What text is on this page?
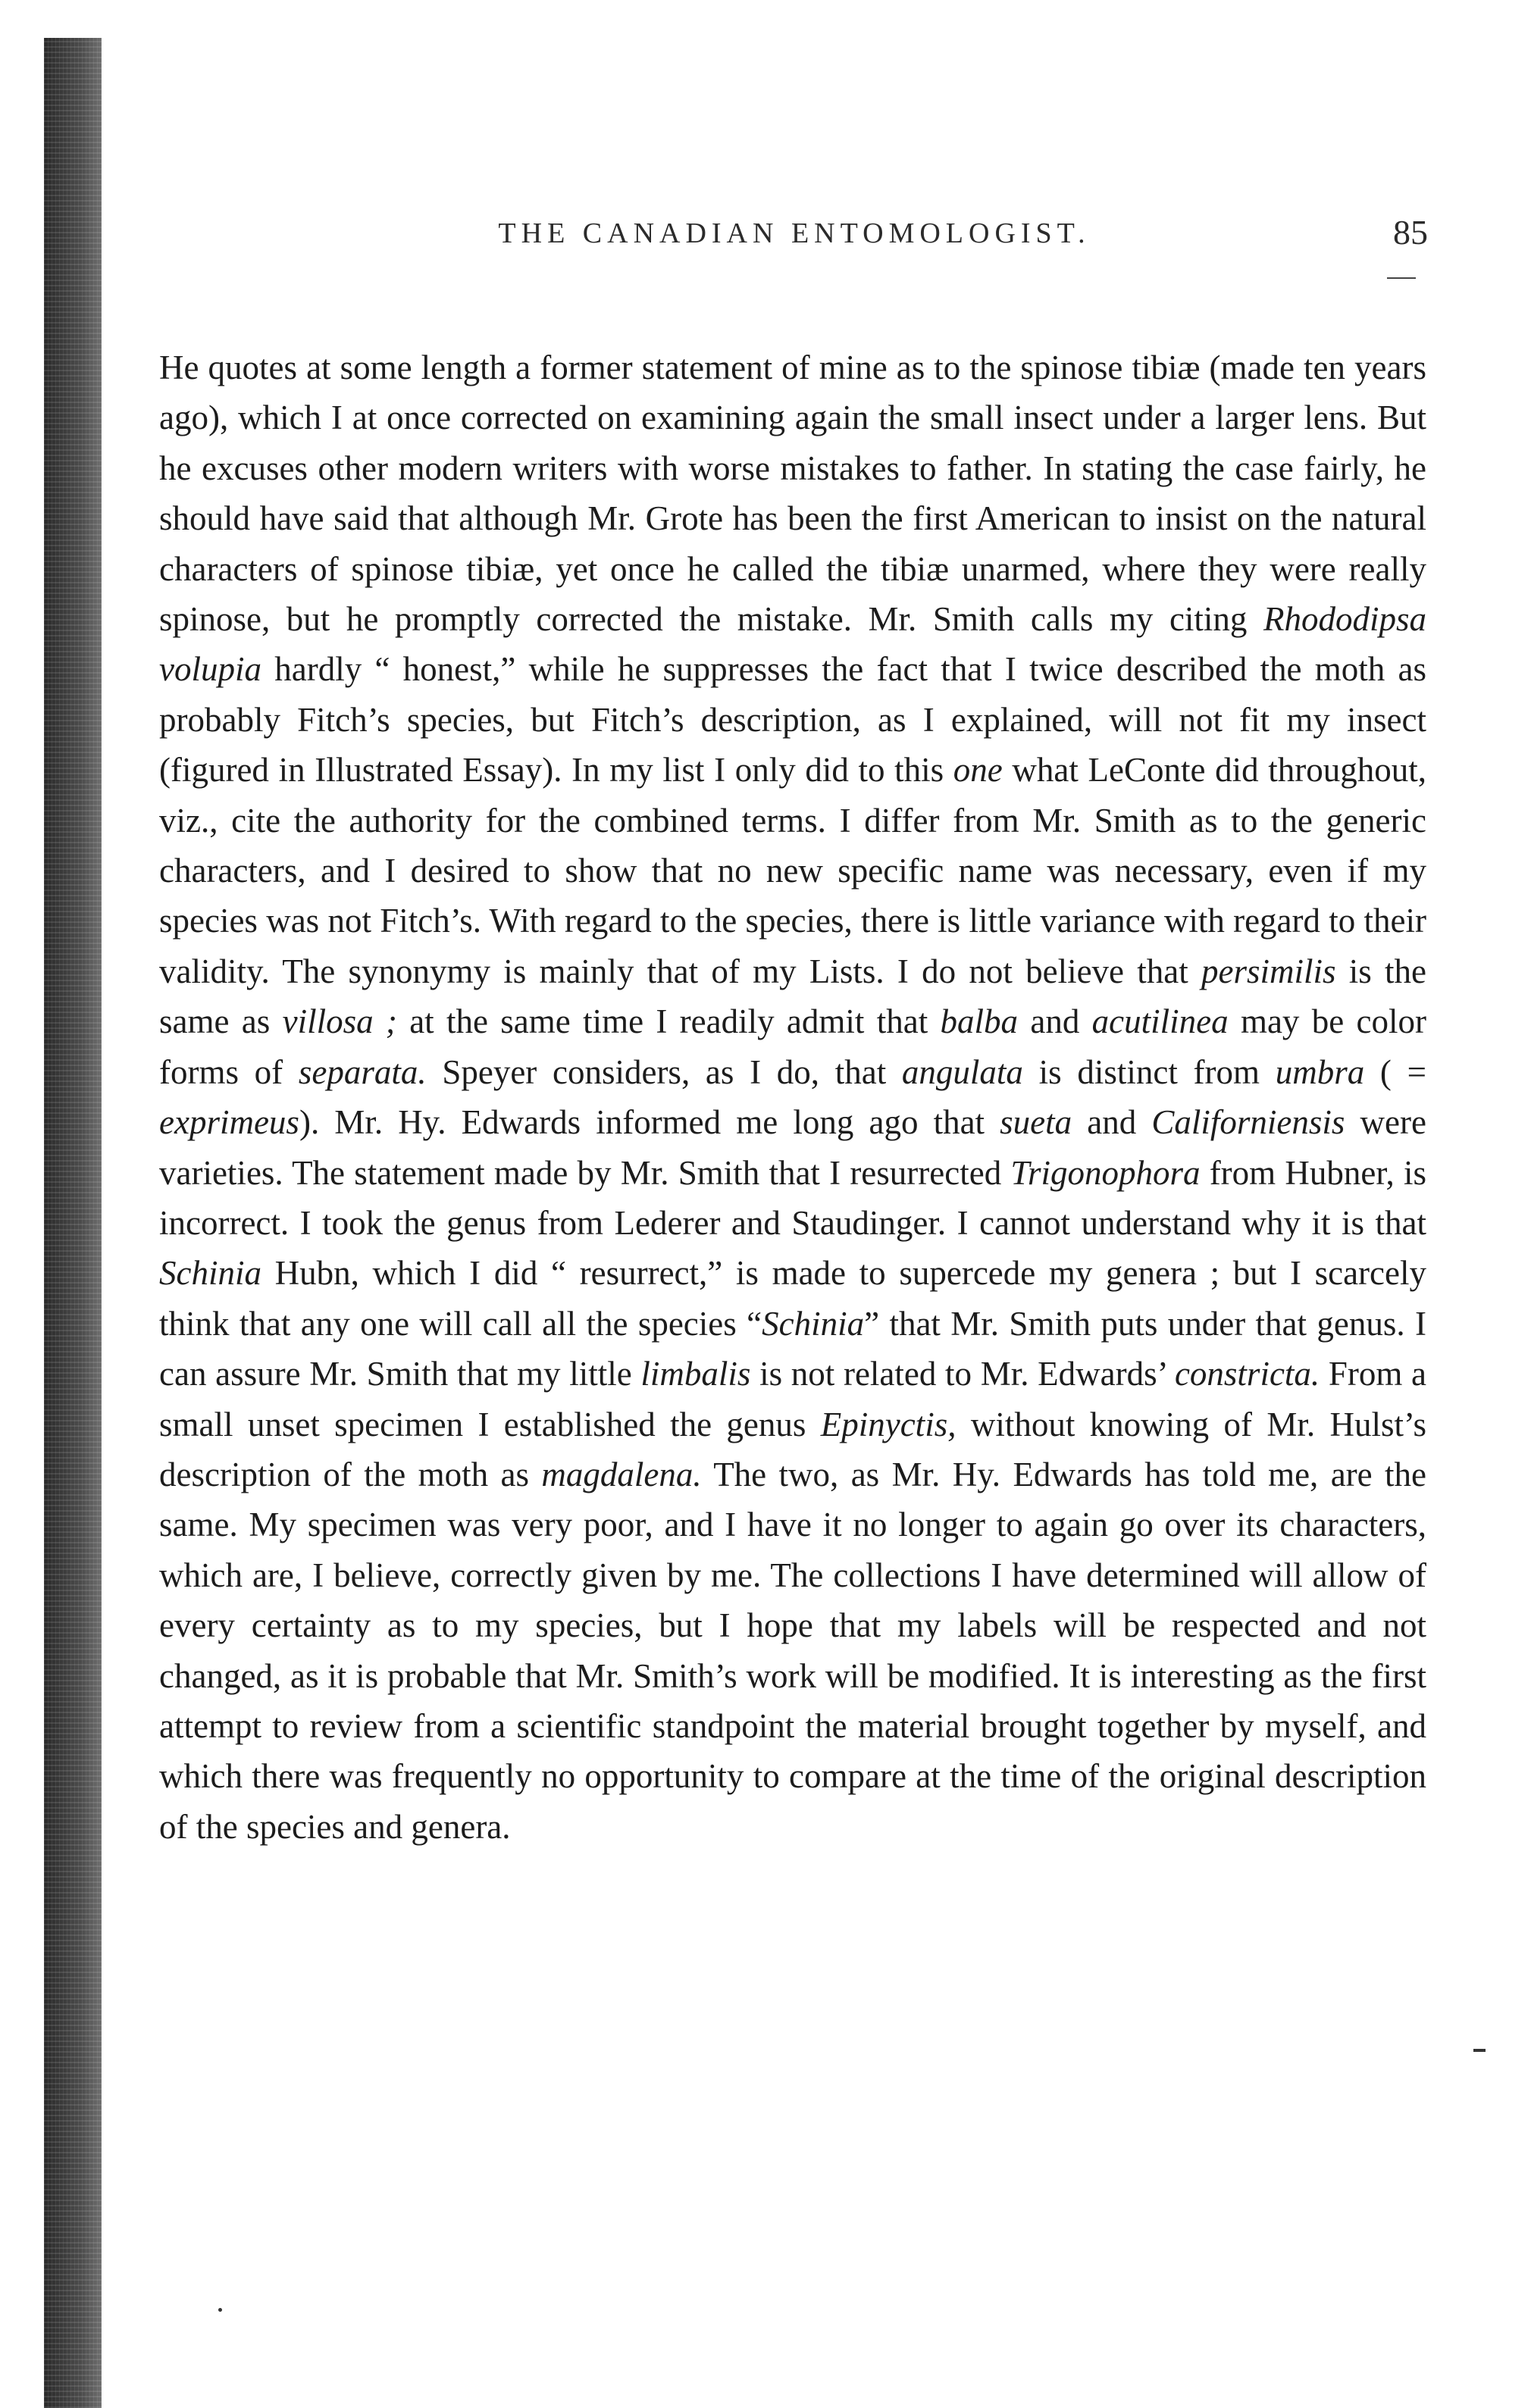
THE CANADIAN ENTOMOLOGIST.	85

He quotes at some length a former statement of mine as to the spinose tibiæ (made ten years ago), which I at once corrected on examining again the small insect under a larger lens. But he excuses other modern writers with worse mistakes to father. In stating the case fairly, he should have said that although Mr. Grote has been the first American to insist on the natural characters of spinose tibiæ, yet once he called the tibiæ unarmed, where they were really spinose, but he promptly corrected the mistake. Mr. Smith calls my citing Rhododipsa volupia hardly “ honest,” while he suppresses the fact that I twice described the moth as probably Fitch’s species, but Fitch’s description, as I explained, will not fit my insect (figured in Illustrated Essay). In my list I only did to this one what LeConte did throughout, viz., cite the authority for the combined terms. I differ from Mr. Smith as to the generic characters, and I desired to show that no new specific name was necessary, even if my species was not Fitch’s. With regard to the species, there is little variance with regard to their validity. The synonymy is mainly that of my Lists. I do not believe that persimilis is the same as villosa ; at the same time I readily admit that balba and acutilinea may be color forms of separata. Speyer considers, as I do, that angulata is distinct from umbra ( = exprimeus). Mr. Hy. Edwards informed me long ago that sueta and Californiensis were varieties. The statement made by Mr. Smith that I resurrected Trigonophora from Hubner, is incorrect. I took the genus from Lederer and Staudinger. I cannot understand why it is that Schinia Hubn, which I did “ resurrect,” is made to supercede my genera ; but I scarcely think that any one will call all the species “Schinia” that Mr. Smith puts under that genus. I can assure Mr. Smith that my little limbalis is not related to Mr. Edwards’ constricta. From a small unset specimen I established the genus Epinyctis, without knowing of Mr. Hulst’s description of the moth as magdalena. The two, as Mr. Hy. Edwards has told me, are the same. My specimen was very poor, and I have it no longer to again go over its characters, which are, I believe, correctly given by me. The collections I have determined will allow of every certainty as to my species, but I hope that my labels will be respected and not changed, as it is probable that Mr. Smith’s work will be modified. It is interesting as the first attempt to review from a scientific standpoint the material brought together by myself, and which there was frequently no opportunity to compare at the time of the original description of the species and genera.
